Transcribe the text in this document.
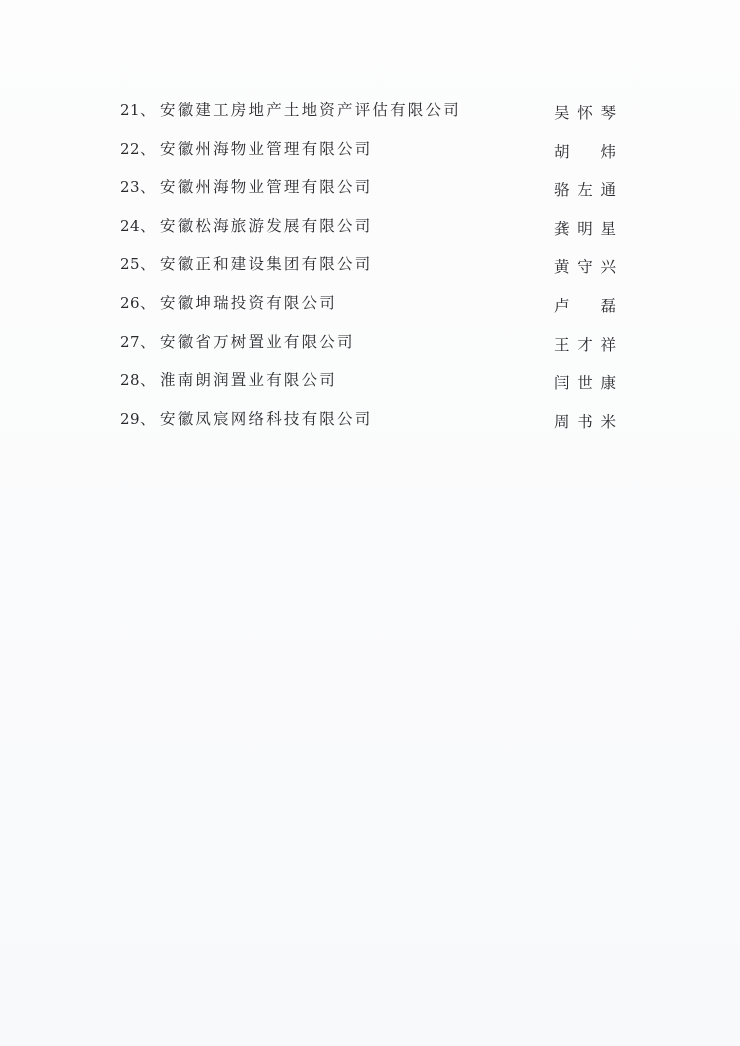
21、 安徽建工房地产土地资产评估有限公司	吴怀琴
22、 安徽州海物业管理有限公司	胡 炜
23、 安徽州海物业管理有限公司	骆左通
24、 安徽松海旅游发展有限公司	龚明星
25、 安徽正和建设集团有限公司	黄守兴
26、 安徽坤瑞投资有限公司	卢 磊
27、 安徽省万树置业有限公司	王才祥
28、 淮南朗润置业有限公司	闫世康
29、 安徽凤宸网络科技有限公司	周书米
